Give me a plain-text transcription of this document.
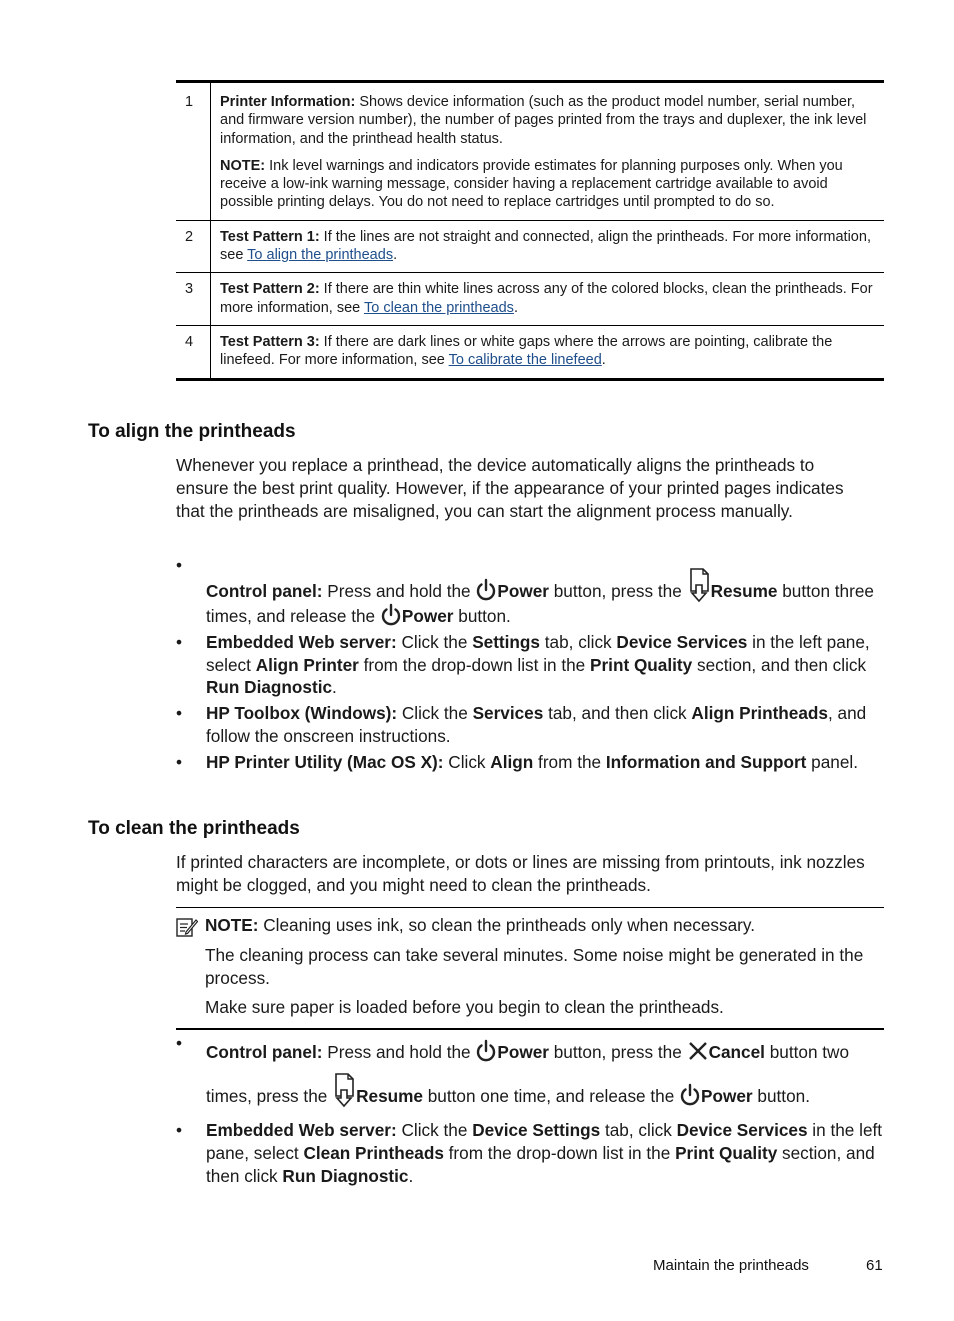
1	Printer Information: Shows device information (such as the product model number, serial number, and firmware version number), the number of pages printed from the trays and duplexer, the ink level information, and the printhead health status.

NOTE: Ink level warnings and indicators provide estimates for planning purposes only. When you receive a low-ink warning message, consider having a replacement cartridge available to avoid possible printing delays. You do not need to replace cartridges until prompted to do so.

2	Test Pattern 1: If the lines are not straight and connected, align the printheads. For more information, see To align the printheads.

3	Test Pattern 2: If there are thin white lines across any of the colored blocks, clean the printheads. For more information, see To clean the printheads.

4	Test Pattern 3: If there are dark lines or white gaps where the arrows are pointing, calibrate the linefeed. For more information, see To calibrate the linefeed.

To align the printheads

Whenever you replace a printhead, the device automatically aligns the printheads to ensure the best print quality. However, if the appearance of your printed pages indicates that the printheads are misaligned, you can start the alignment process manually.

•
Control panel: Press and hold the Power button, press the Resume button three times, and release the Power button.
• Embedded Web server: Click the Settings tab, click Device Services in the left pane, select Align Printer from the drop-down list in the Print Quality section, and then click Run Diagnostic.
• HP Toolbox (Windows): Click the Services tab, and then click Align Printheads, and follow the onscreen instructions.
• HP Printer Utility (Mac OS X): Click Align from the Information and Support panel.
To clean the printheads

If printed characters are incomplete, or dots or lines are missing from printouts, ink nozzles might be clogged, and you might need to clean the printheads.

NOTE: Cleaning uses ink, so clean the printheads only when necessary.

The cleaning process can take several minutes. Some noise might be generated in the process.

Make sure paper is loaded before you begin to clean the printheads.

• Control panel: Press and hold the Power button, press the Cancel button two times, press the Resume button one time, and release the Power button.
• Embedded Web server: Click the Device Settings tab, click Device Services in the left pane, select Clean Printheads from the drop-down list in the Print Quality section, and then click Run Diagnostic.
Maintain the printheads	61
